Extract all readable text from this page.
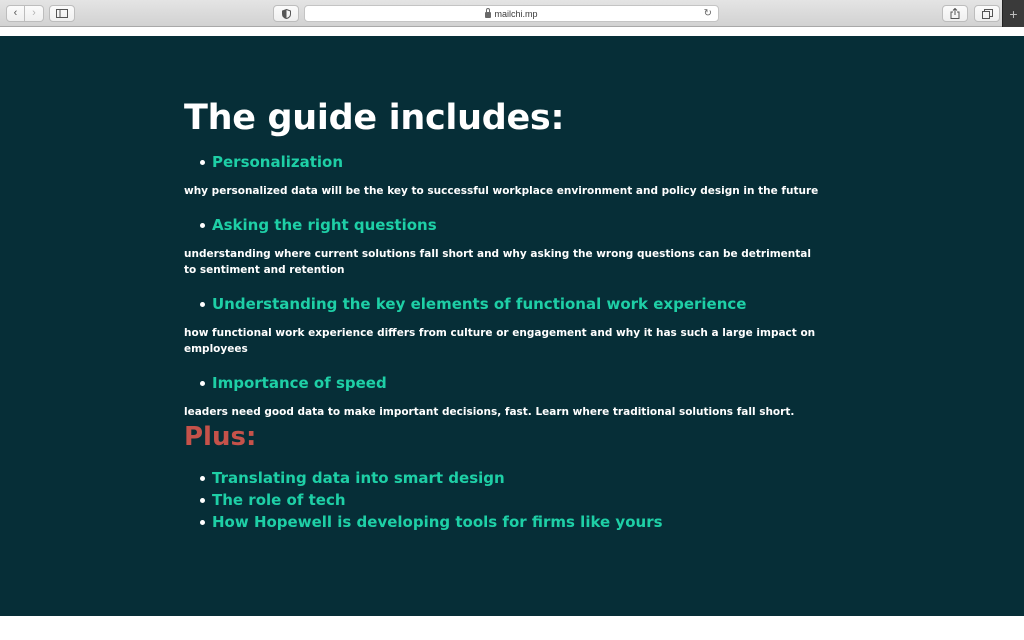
‹ ›	mailchi.mp	↻	+
The guide includes:
Personalization

why personalized data will be the key to successful workplace environment and policy design in the future

Asking the right questions

understanding where current solutions fall short and why asking the wrong questions can be detrimental to sentiment and retention

Understanding the key elements of functional work experience

how functional work experience differs from culture or engagement and why it has such a large impact on employees

Importance of speed

leaders need good data to make important decisions, fast. Learn where traditional solutions fall short.

Plus:
Translating data into smart design
The role of tech
How Hopewell is developing tools for firms like yours
